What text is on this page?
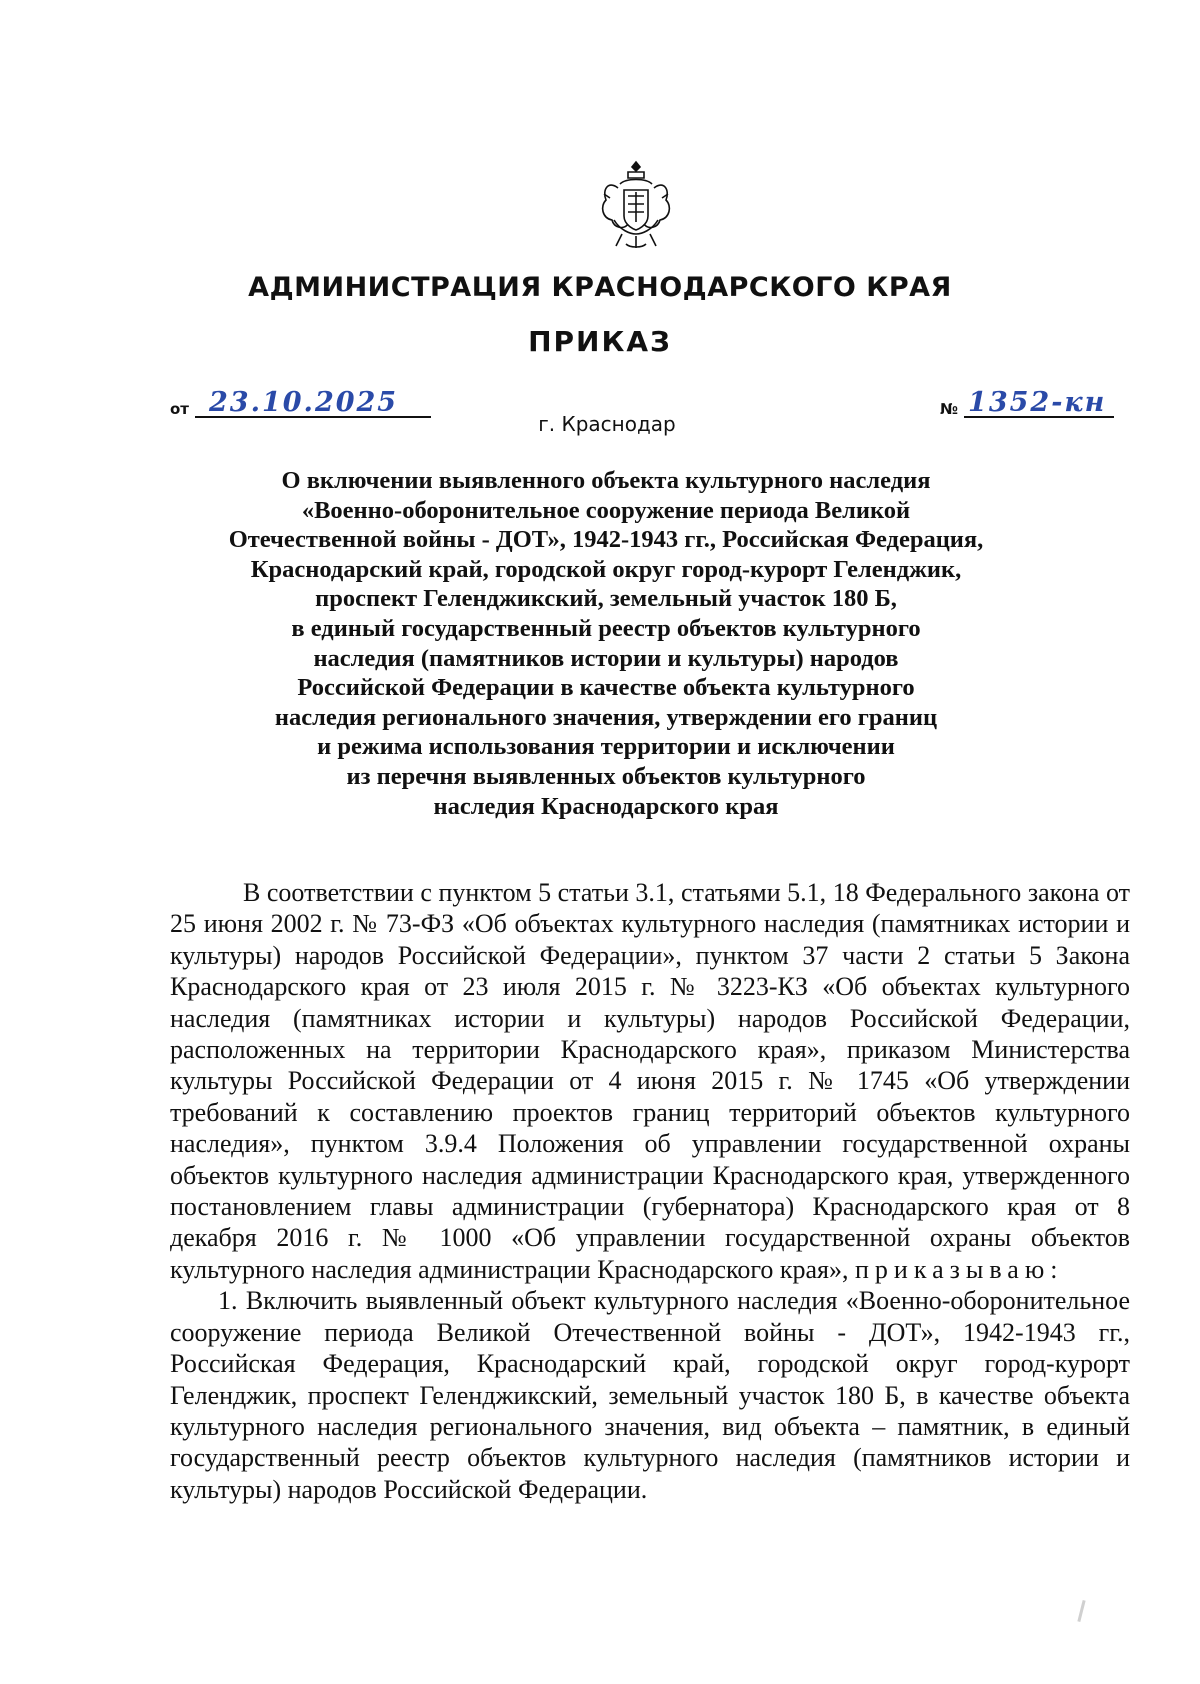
АДМИНИСТРАЦИЯ КРАСНОДАРСКОГО КРАЯ
ПРИКАЗ
от 23.10.2025	№ 1352-кн
г. Краснодар
О включении выявленного объекта культурного наследия
«Военно-оборонительное сооружение периода Великой
Отечественной войны - ДОТ», 1942-1943 гг., Российская Федерация,
Краснодарский край, городской округ город-курорт Геленджик,
проспект Геленджикский, земельный участок 180 Б,
в единый государственный реестр объектов культурного
наследия (памятников истории и культуры) народов
Российской Федерации в качестве объекта культурного
наследия регионального значения, утверждении его границ
и режима использования территории и исключении
из перечня выявленных объектов культурного
наследия Краснодарского края

В соответствии с пунктом 5 статьи 3.1, статьями 5.1, 18 Федерального закона от 25 июня 2002 г. № 73-ФЗ «Об объектах культурного наследия (памятниках истории и культуры) народов Российской Федерации», пунктом 37 части 2 статьи 5 Закона Краснодарского края от 23 июля 2015 г. № 3223-КЗ «Об объектах культурного наследия (памятниках истории и культуры) народов Российской Федерации, расположенных на территории Краснодарского края», приказом Министерства культуры Российской Федерации от 4 июня 2015 г. № 1745 «Об утверждении требований к составлению проектов границ территорий объектов культурного наследия», пунктом 3.9.4 Положения об управлении государственной охраны объектов культурного наследия администрации Краснодарского края, утвержденного постановлением главы администрации (губернатора) Краснодарского края от 8 декабря 2016 г. № 1000 «Об управлении государственной охраны объектов культурного наследия администрации Краснодарского края», приказываю:

1. Включить выявленный объект культурного наследия «Военно-оборонительное сооружение периода Великой Отечественной войны - ДОТ», 1942-1943 гг., Российская Федерация, Краснодарский край, городской округ город-курорт Геленджик, проспект Геленджикский, земельный участок 180 Б, в качестве объекта культурного наследия регионального значения, вид объекта – памятник, в единый государственный реестр объектов культурного наследия (памятников истории и культуры) народов Российской Федерации.
